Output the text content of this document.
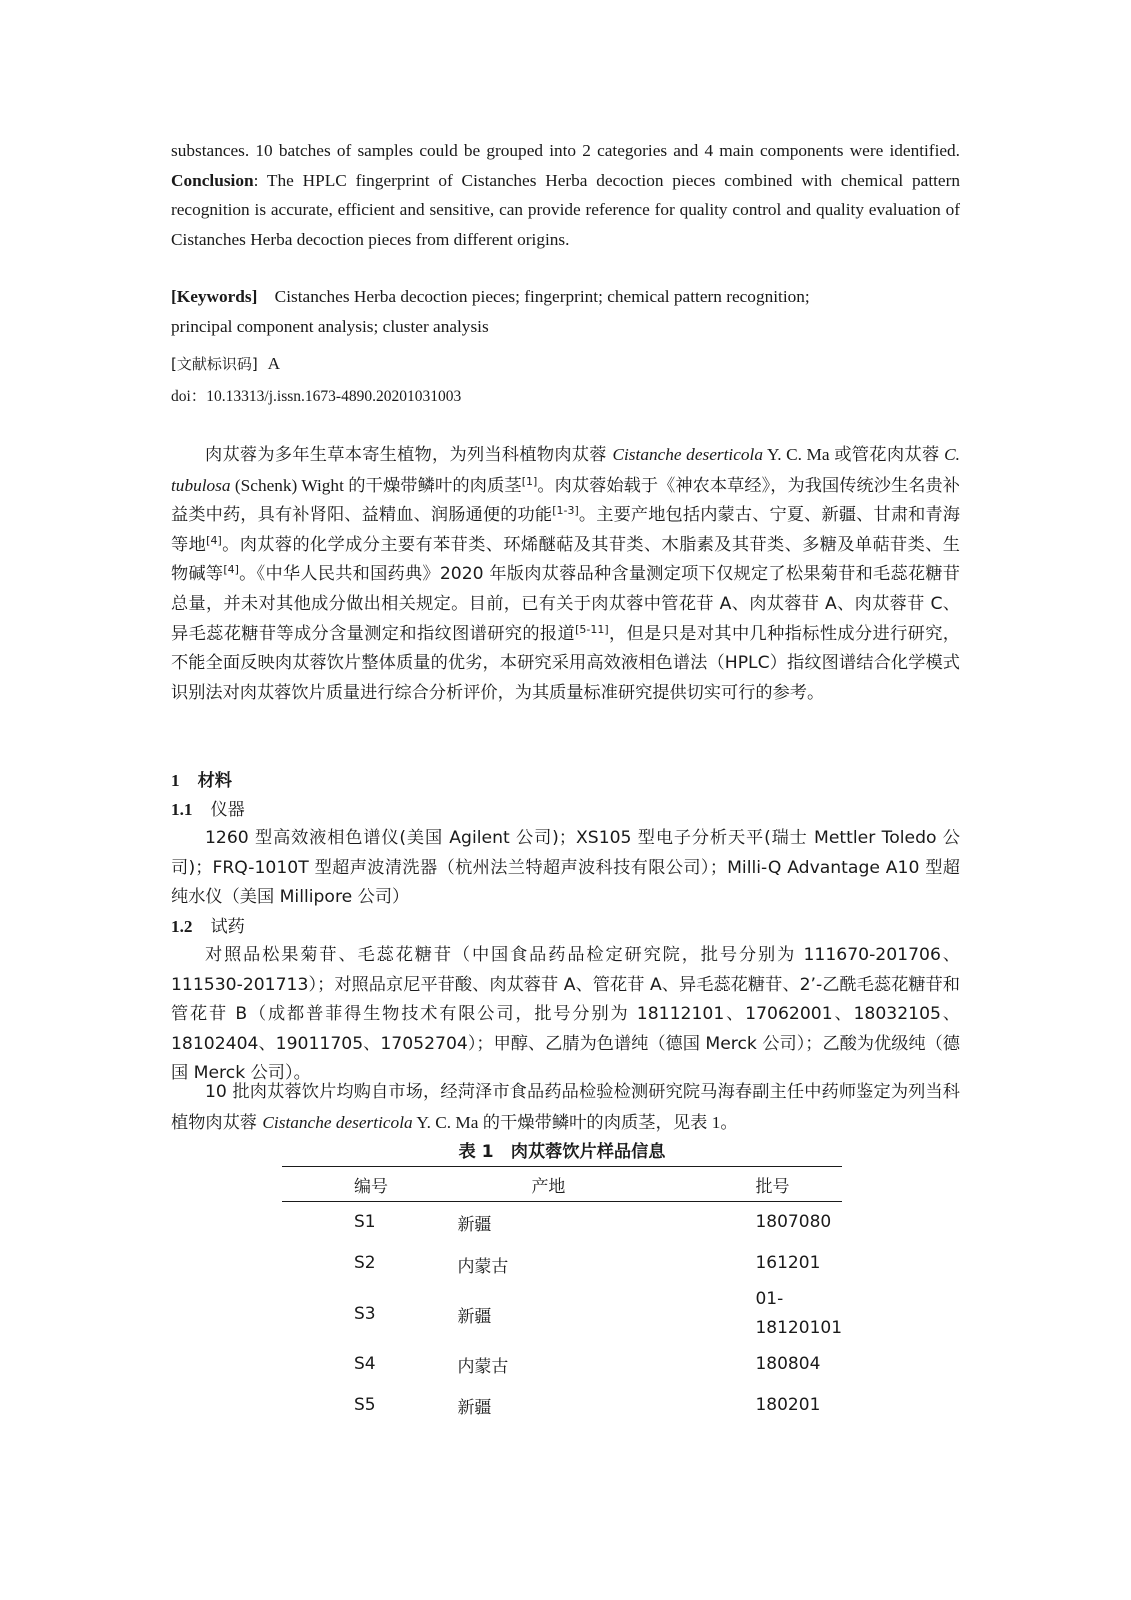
substances. 10 batches of samples could be grouped into 2 categories and 4 main components were identified. Conclusion: The HPLC fingerprint of Cistanches Herba decoction pieces combined with chemical pattern recognition is accurate, efficient and sensitive, can provide reference for quality control and quality evaluation of Cistanches Herba decoction pieces from different origins.
[Keywords] Cistanches Herba decoction pieces; fingerprint; chemical pattern recognition;
principal component analysis; cluster analysis
[文献标识码] A
doi：10.13313/j.issn.1673-4890.20201031003
肉苁蓉为多年生草本寄生植物，为列当科植物肉苁蓉 Cistanche deserticola Y. C. Ma 或管花肉苁蓉 C. tubulosa (Schenk) Wight 的干燥带鳞叶的肉质茎[1]。肉苁蓉始载于《神农本草经》，为我国传统沙生名贵补益类中药，具有补肾阳、益精血、润肠通便的功能[1-3]。主要产地包括内蒙古、宁夏、新疆、甘肃和青海等地[4]。肉苁蓉的化学成分主要有苯苷类、环烯醚萜及其苷类、木脂素及其苷类、多糖及单萜苷类、生物碱等[4]。《中华人民共和国药典》2020 年版肉苁蓉品种含量测定项下仅规定了松果菊苷和毛蕊花糖苷总量，并未对其他成分做出相关规定。目前，已有关于肉苁蓉中管花苷 A、肉苁蓉苷 A、肉苁蓉苷 C、异毛蕊花糖苷等成分含量测定和指纹图谱研究的报道[5-11]，但是只是对其中几种指标性成分进行研究，不能全面反映肉苁蓉饮片整体质量的优劣，本研究采用高效液相色谱法（HPLC）指纹图谱结合化学模式识别法对肉苁蓉饮片质量进行综合分析评价，为其质量标准研究提供切实可行的参考。
1 材料
1.1 仪器
1260 型高效液相色谱仪(美国 Agilent 公司)；XS105 型电子分析天平(瑞士 Mettler Toledo 公司)；FRQ-1010T 型超声波清洗器（杭州法兰特超声波科技有限公司）；Milli-Q Advantage A10 型超纯水仪（美国 Millipore 公司）
1.2 试药
对照品松果菊苷、毛蕊花糖苷（中国食品药品检定研究院，批号分别为 111670-201706、111530-201713）；对照品京尼平苷酸、肉苁蓉苷 A、管花苷 A、异毛蕊花糖苷、2’-乙酰毛蕊花糖苷和管花苷 B（成都普菲得生物技术有限公司，批号分别为 18112101、17062001、18032105、18102404、19011705、17052704）；甲醇、乙腈为色谱纯（德国 Merck 公司）；乙酸为优级纯（德国 Merck 公司）。
10 批肉苁蓉饮片均购自市场，经菏泽市食品药品检验检测研究院马海春副主任中药师鉴定为列当科植物肉苁蓉 Cistanche deserticola Y. C. Ma 的干燥带鳞叶的肉质茎，见表 1。
表 1　肉苁蓉饮片样品信息
编号	产地	批号
S1	新疆	1807080
S2	内蒙古	161201
S3	新疆	01-18120101
S4	内蒙古	180804
S5	新疆	180201
